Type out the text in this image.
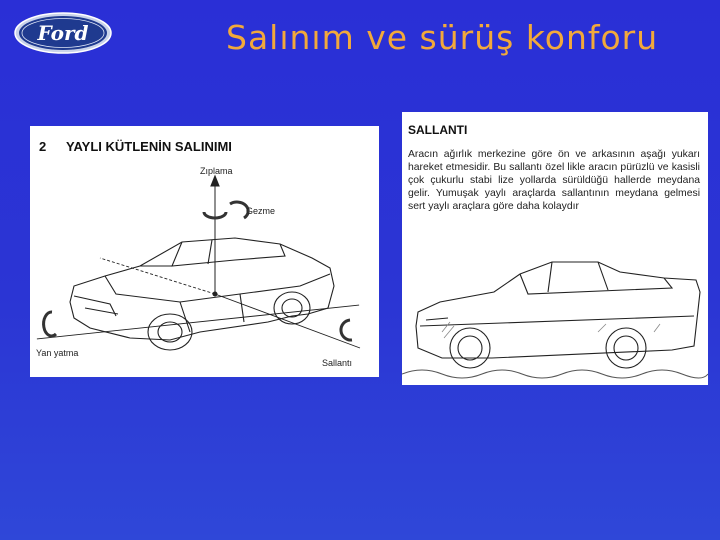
Ford	Salınım ve sürüş konforu
2 YAYLI KÜTLENİN SALINIMI
Zıplama
Gezme
Yan yatma
Sallantı
SALLANTI
Aracın ağırlık merkezine göre ön ve arkasının aşağı yukarı hareket etmesidir. Bu sallantı özel likle aracın pürüzlü ve kasisli çok çukurlu stabi lize yollarda sürüldüğü hallerde meydana gelir. Yumuşak yaylı araçlarda sallantının meydana gelmesi sert yaylı araçlara göre daha kolaydır
